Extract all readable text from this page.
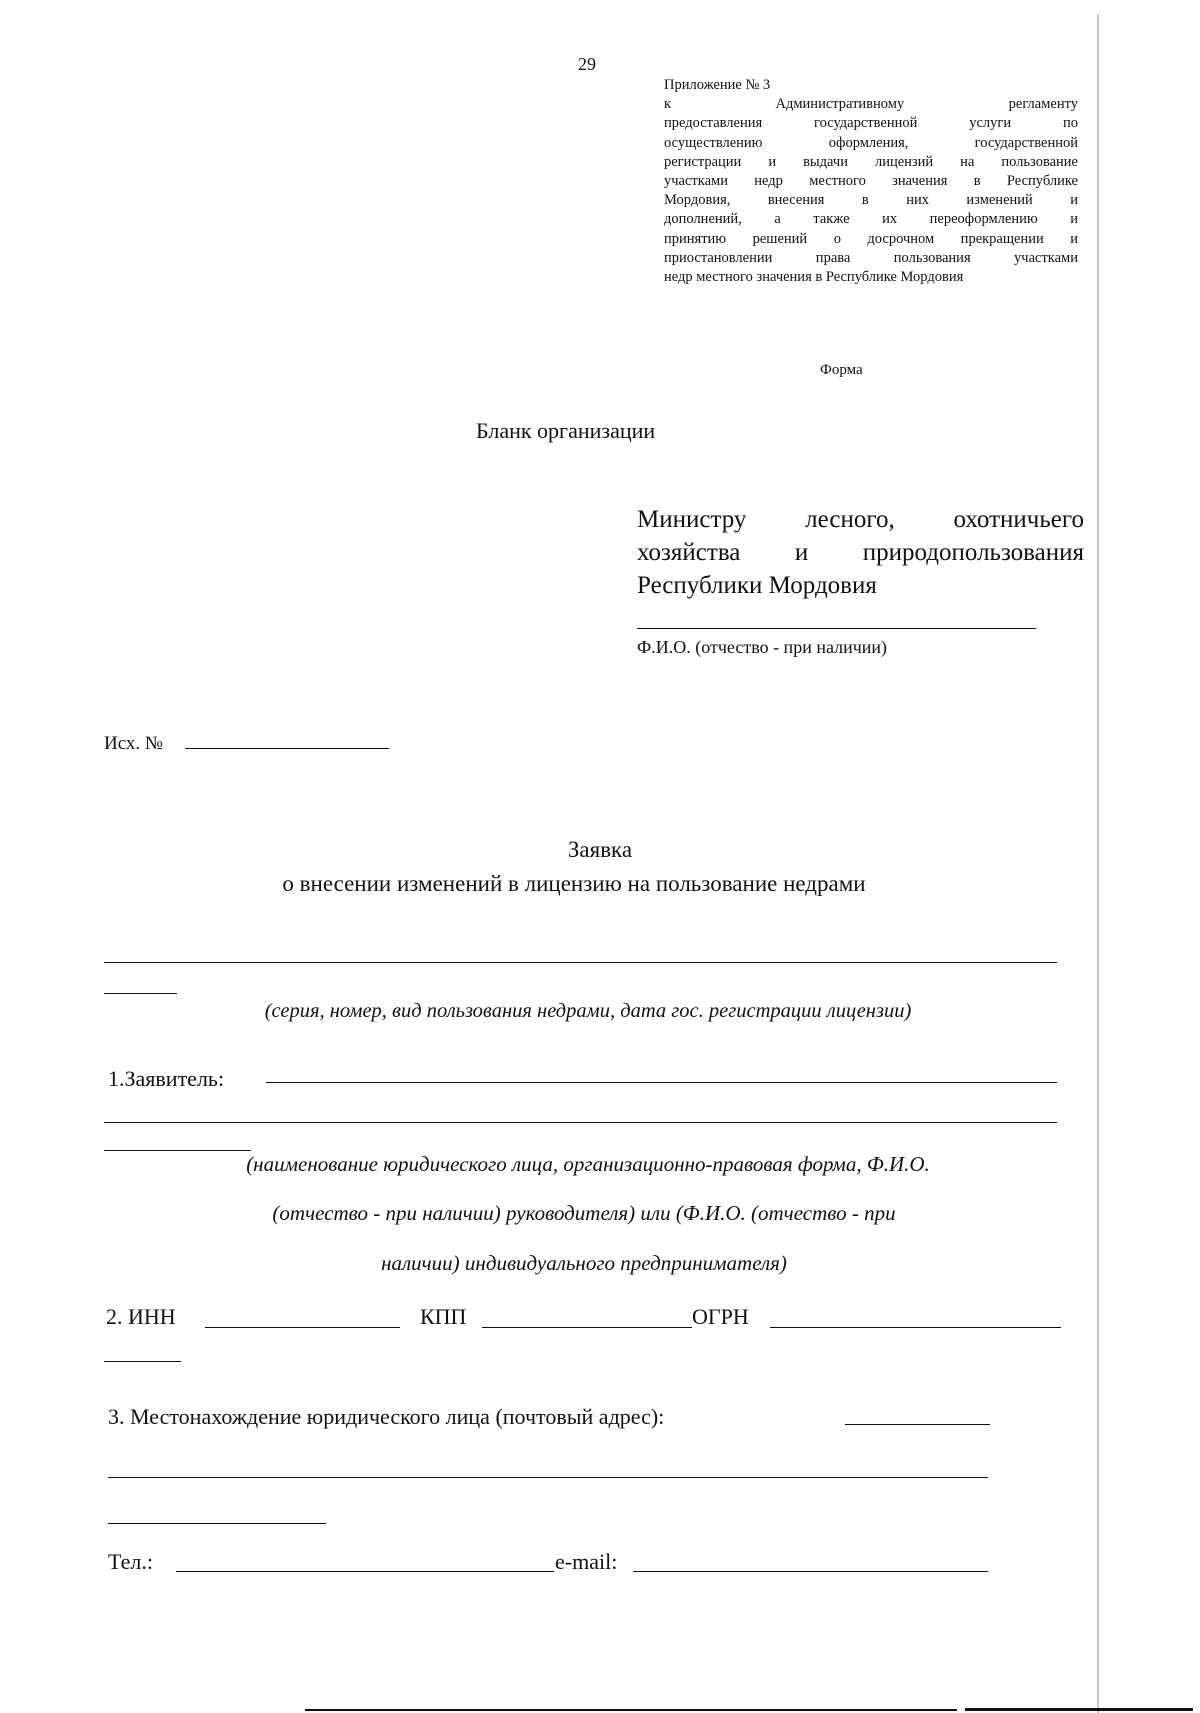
29
Приложение № 3
к Административному регламенту
предоставления государственной услуги по
осуществлению оформления, государственной
регистрации и выдачи лицензий на пользование
участками недр местного значения в Республике
Мордовия, внесения в них изменений и
дополнений, а также их переоформлению и
принятию решений о досрочном прекращении и
приостановлении права пользования участками
недр местного значения в Республике Мордовия
Форма
Бланк организации
Министру лесного, охотничьего
хозяйства и природопользования
Республики Мордовия
Ф.И.О. (отчество - при наличии)
Исх. №
Заявка
о внесении изменений в лицензию на пользование недрами
(серия, номер, вид пользования недрами, дата гос. регистрации лицензии)
1.Заявитель:
(наименование юридического лица, организационно-правовая форма, Ф.И.О.
(отчество - при наличии) руководителя) или (Ф.И.О. (отчество - при
наличии) индивидуального предпринимателя)
2. ИНН	КПП	ОГРН
3. Местонахождение юридического лица (почтовый адрес):
Тел.:	e-mail:
